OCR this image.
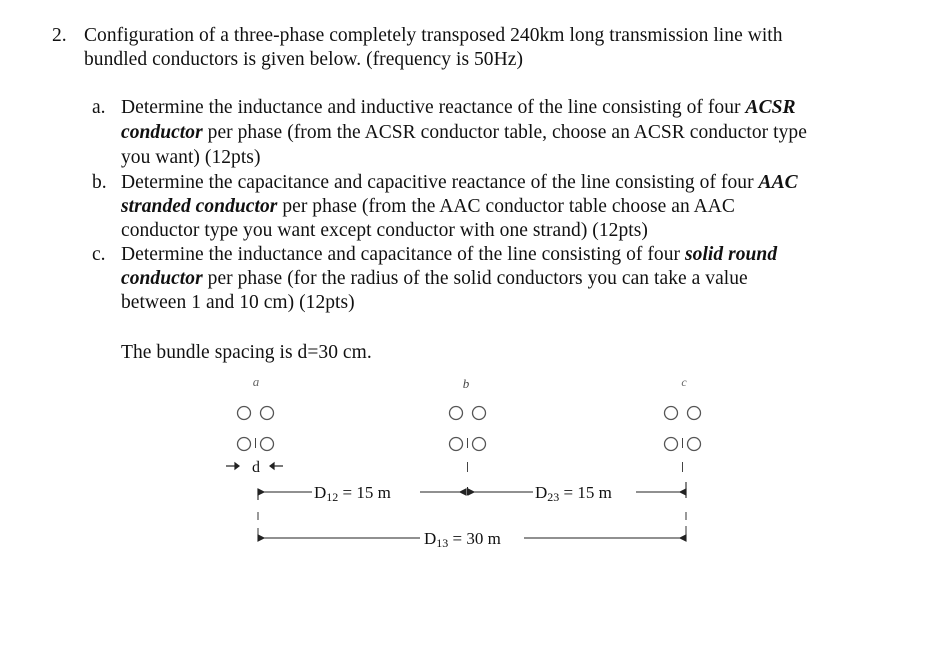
2. Configuration of a three-phase completely transposed 240km long transmission line with
bundled conductors is given below. (frequency is 50Hz)
a. Determine the inductance and inductive reactance of the line consisting of four ACSR
conductor per phase (from the ACSR conductor table, choose an ACSR conductor type
you want) (12pts)
b. Determine the capacitance and capacitive reactance of the line consisting of four AAC
stranded conductor per phase (from the AAC conductor table choose an AAC
conductor type you want except conductor with one strand) (12pts)
c. Determine the inductance and capacitance of the line consisting of four solid round
conductor per phase (for the radius of the solid conductors you can take a value
between 1 and 10 cm) (12pts)
The bundle spacing is d=30 cm.
a	b	c
d
D12 = 15 m	D23 = 15 m
D13 = 30 m
